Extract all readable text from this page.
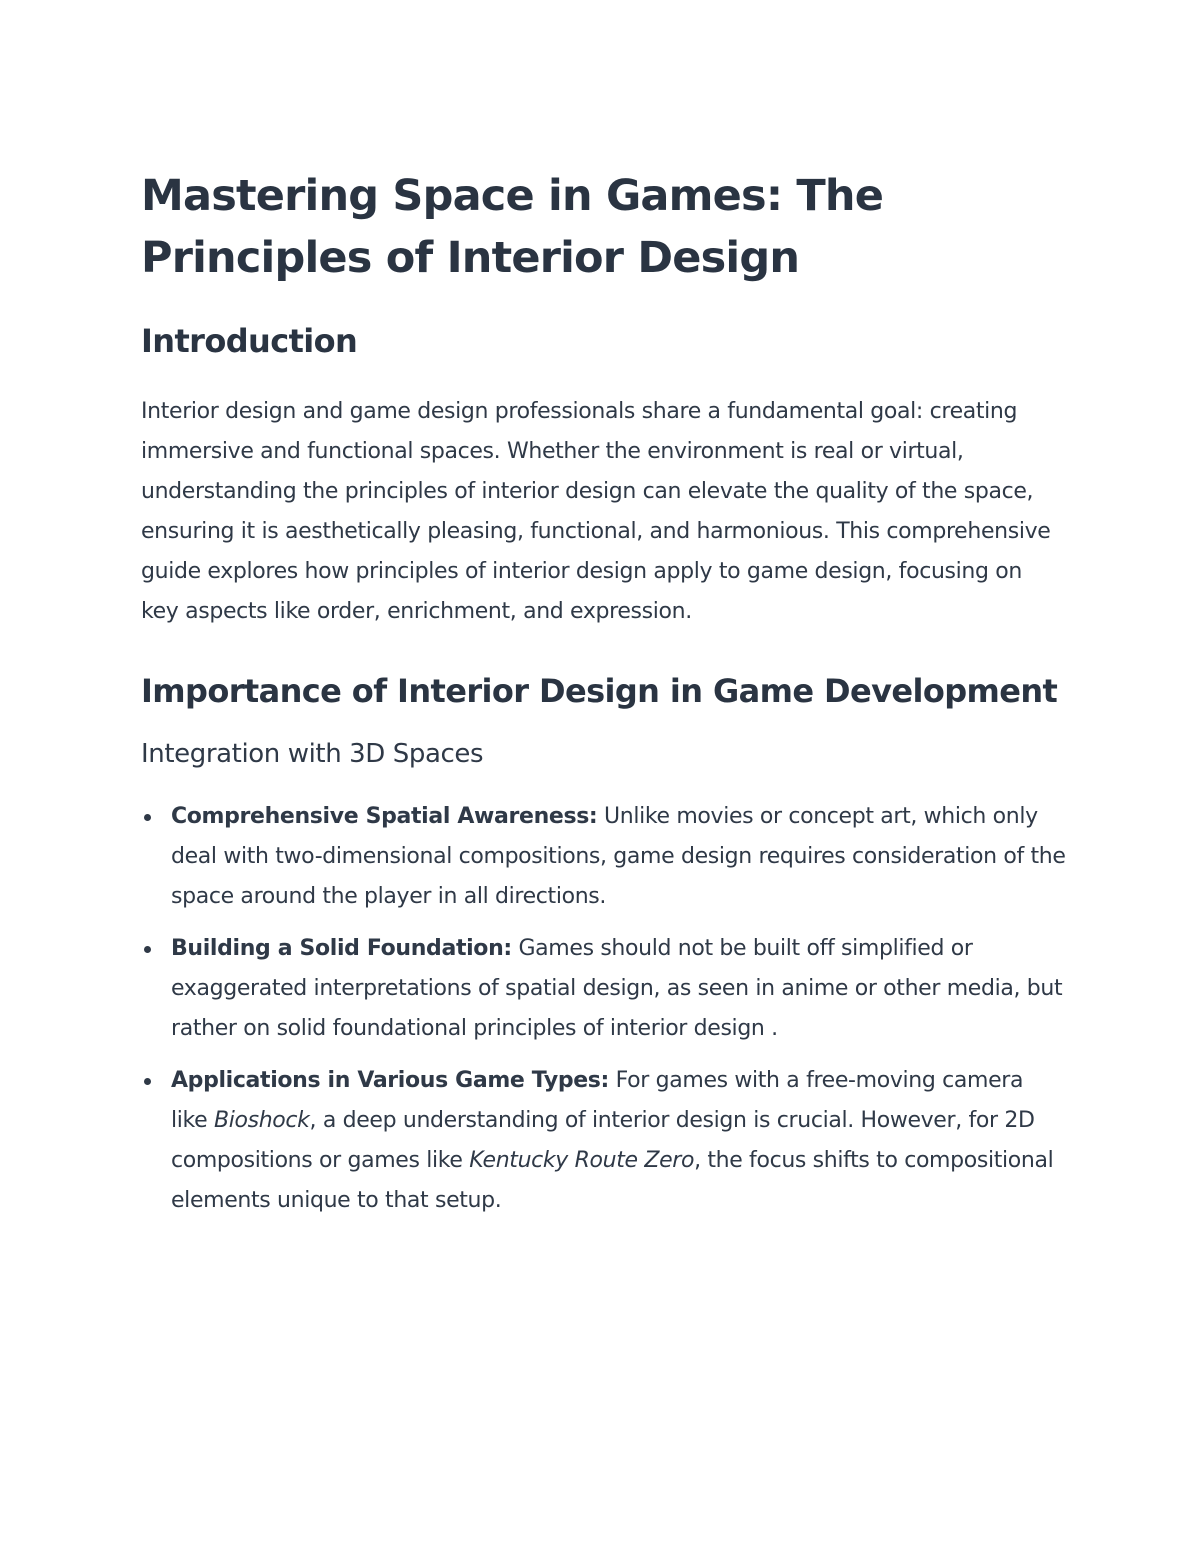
Mastering Space in Games: The Principles of Interior Design
Introduction

Interior design and game design professionals share a fundamental goal: creating immersive and functional spaces. Whether the environment is real or virtual, understanding the principles of interior design can elevate the quality of the space, ensuring it is aesthetically pleasing, functional, and harmonious. This comprehensive guide explores how principles of interior design apply to game design, focusing on key aspects like order, enrichment, and expression.

Importance of Interior Design in Game Development
Integration with 3D Spaces
Comprehensive Spatial Awareness: Unlike movies or concept art, which only deal with two-dimensional compositions, game design requires consideration of the space around the player in all directions.
Building a Solid Foundation: Games should not be built off simplified or exaggerated interpretations of spatial design, as seen in anime or other media, but rather on solid foundational principles of interior design .
Applications in Various Game Types: For games with a free-moving camera like Bioshock, a deep understanding of interior design is crucial. However, for 2D compositions or games like Kentucky Route Zero, the focus shifts to compositional elements unique to that setup.
